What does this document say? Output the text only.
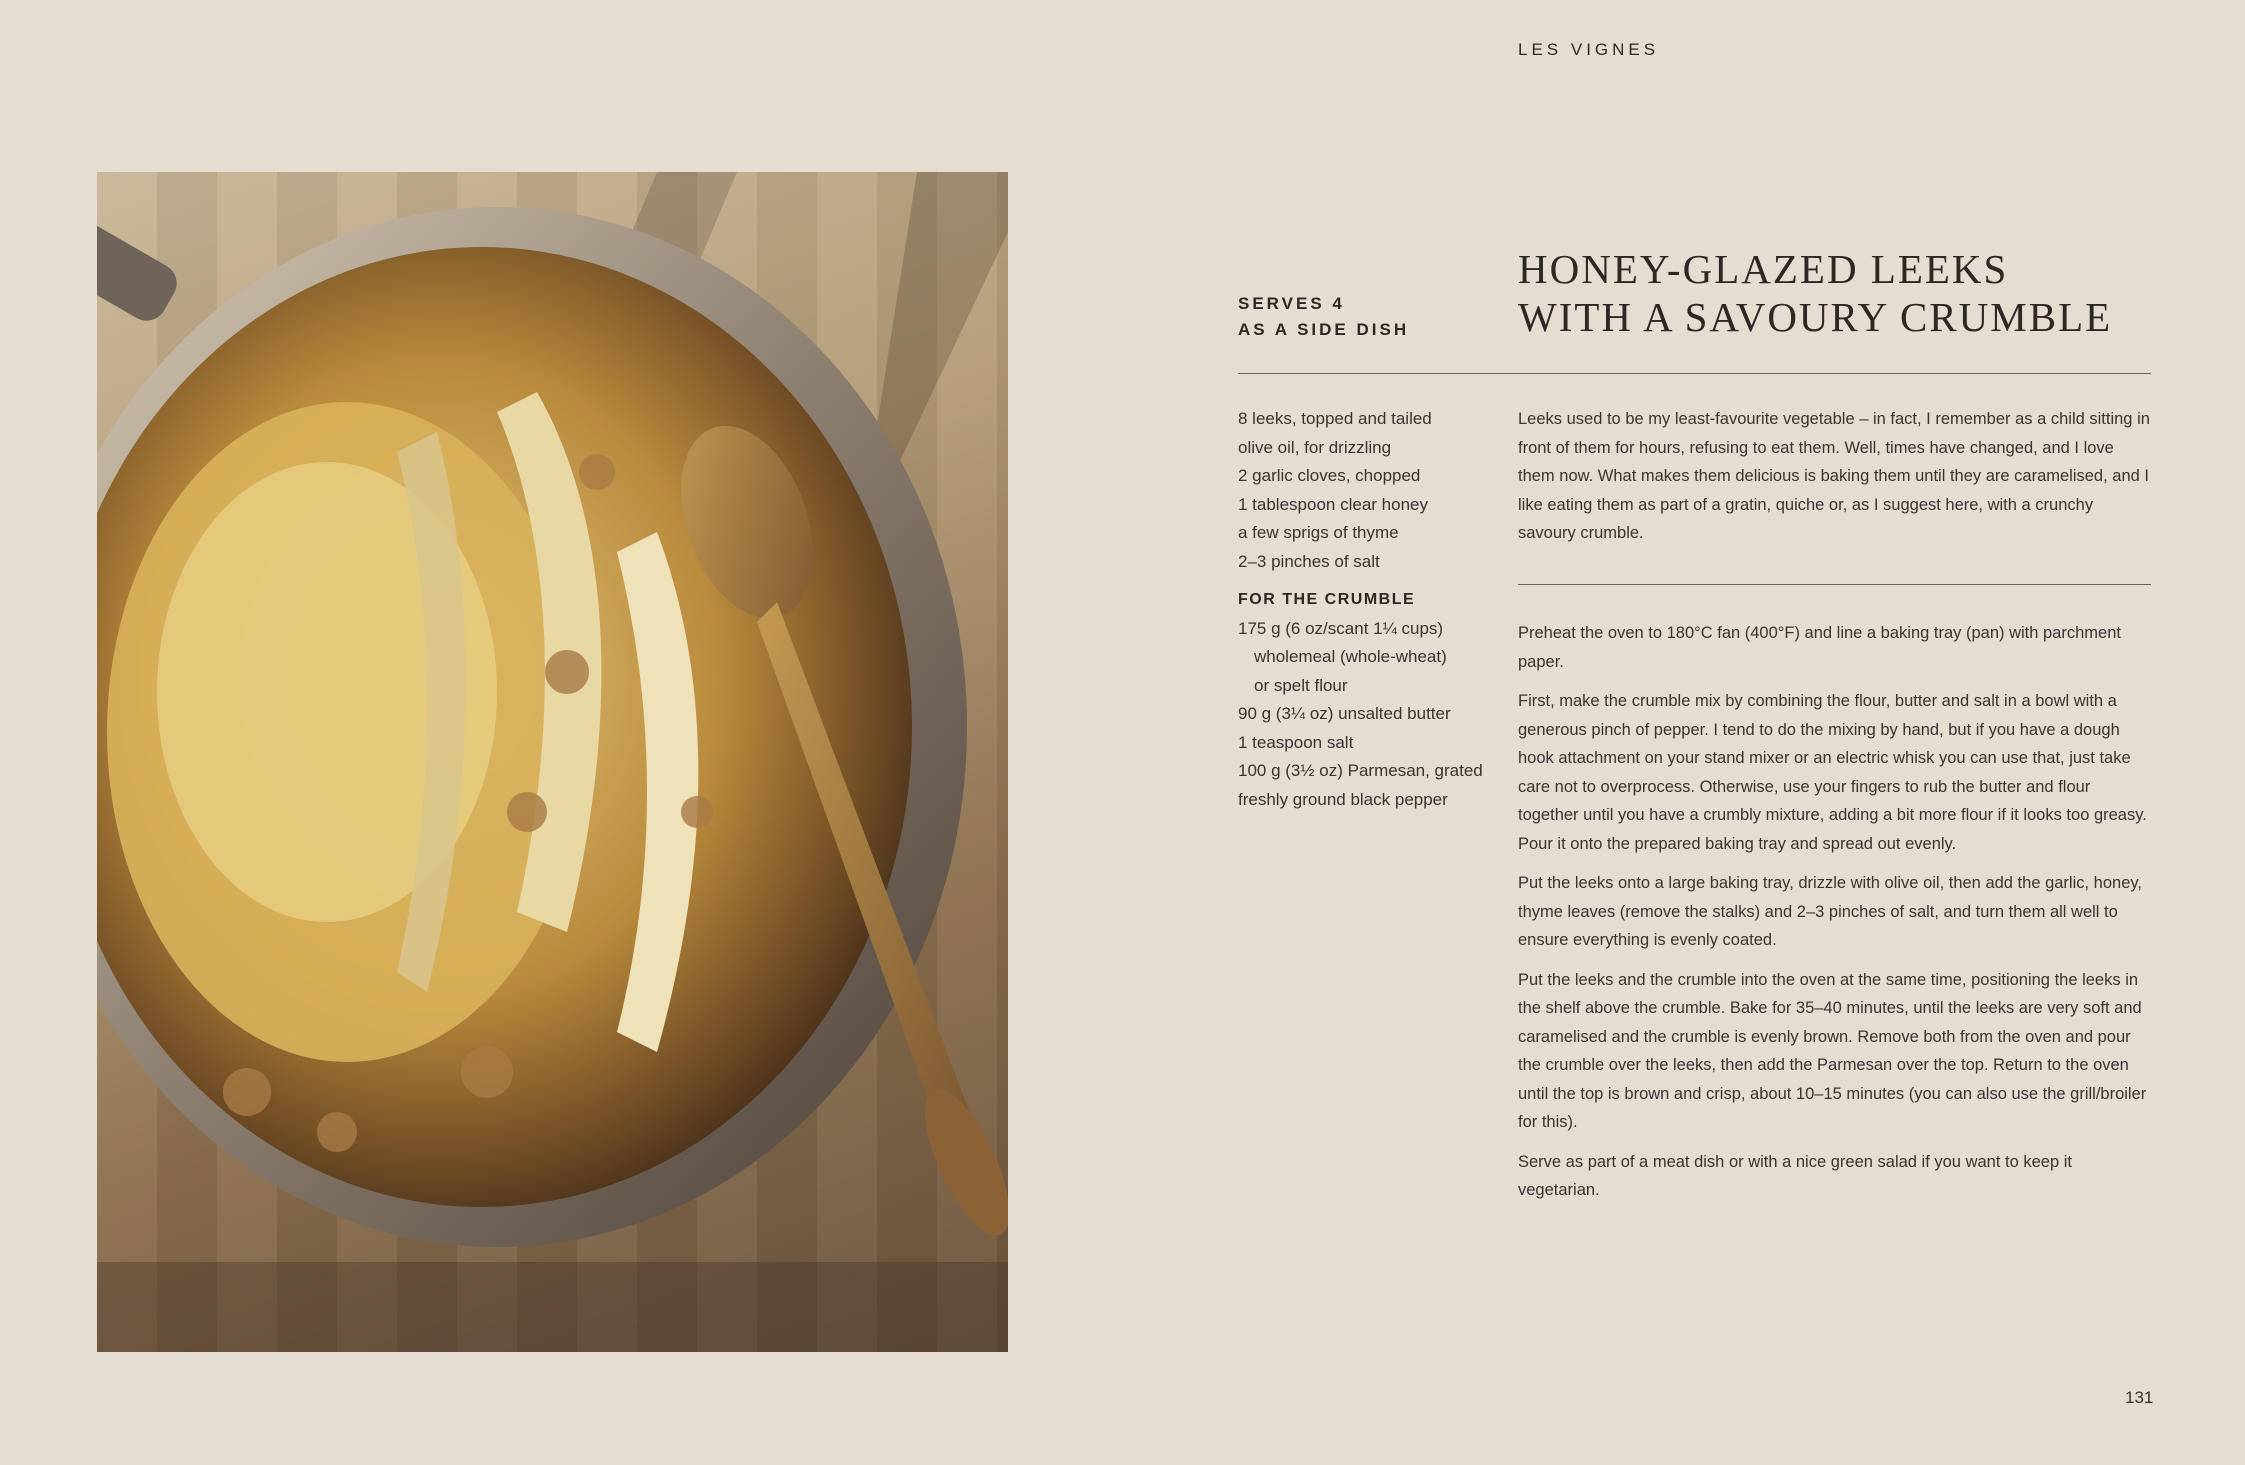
LES VIGNES
SERVES 4
AS A SIDE DISH
HONEY-GLAZED LEEKS
WITH A SAVOURY CRUMBLE
8 leeks, topped and tailed
olive oil, for drizzling
2 garlic cloves, chopped
1 tablespoon clear honey
a few sprigs of thyme
2–3 pinches of salt
FOR THE CRUMBLE
175 g (6 oz/scant 1¼ cups)
wholemeal (whole-wheat)
or spelt flour
90 g (3¼ oz) unsalted butter
1 teaspoon salt
100 g (3½ oz) Parmesan, grated
freshly ground black pepper

Leeks used to be my least-favourite vegetable – in fact, I remember as a child sitting in front of them for hours, refusing to eat them. Well, times have changed, and I love them now. What makes them delicious is baking them until they are caramelised, and I like eating them as part of a gratin, quiche or, as I suggest here, with a crunchy savoury crumble.

Preheat the oven to 180°C fan (400°F) and line a baking tray (pan) with parchment paper.

First, make the crumble mix by combining the flour, butter and salt in a bowl with a generous pinch of pepper. I tend to do the mixing by hand, but if you have a dough hook attachment on your stand mixer or an electric whisk you can use that, just take care not to overprocess. Otherwise, use your fingers to rub the butter and flour together until you have a crumbly mixture, adding a bit more flour if it looks too greasy. Pour it onto the prepared baking tray and spread out evenly.

Put the leeks onto a large baking tray, drizzle with olive oil, then add the garlic, honey, thyme leaves (remove the stalks) and 2–3 pinches of salt, and turn them all well to ensure everything is evenly coated.

Put the leeks and the crumble into the oven at the same time, positioning the leeks in the shelf above the crumble. Bake for 35–40 minutes, until the leeks are very soft and caramelised and the crumble is evenly brown. Remove both from the oven and pour the crumble over the leeks, then add the Parmesan over the top. Return to the oven until the top is brown and crisp, about 10–15 minutes (you can also use the grill/broiler for this).

Serve as part of a meat dish or with a nice green salad if you want to keep it vegetarian.

131
